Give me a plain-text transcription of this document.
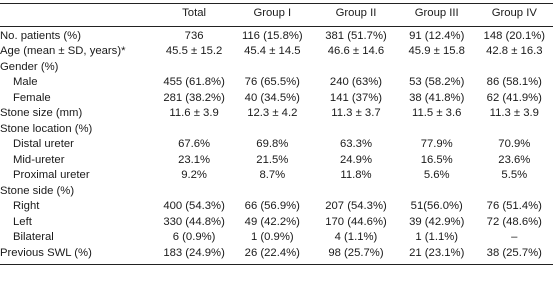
	Total	Group I	Group II	Group III	Group IV
No. patients (%)	736	116 (15.8%)	381 (51.7%)	91 (12.4%)	148 (20.1%)
Age (mean ± SD, years)*	45.5 ± 15.2	45.4 ± 14.5	46.6 ± 14.6	45.9 ± 15.8	42.8 ± 16.3
Gender (%)					
Male	455 (61.8%)	76 (65.5%)	240 (63%)	53 (58.2%)	86 (58.1%)
Female	281 (38.2%)	40 (34.5%)	141 (37%)	38 (41.8%)	62 (41.9%)
Stone size (mm)	11.6 ± 3.9	12.3 ± 4.2	11.3 ± 3.7	11.5 ± 3.6	11.3 ± 3.9
Stone location (%)					
Distal ureter	67.6%	69.8%	63.3%	77.9%	70.9%
Mid-ureter	23.1%	21.5%	24.9%	16.5%	23.6%
Proximal ureter	9.2%	8.7%	11.8%	5.6%	5.5%
Stone side (%)					
Right	400 (54.3%)	66 (56.9%)	207 (54.3%)	51(56.0%)	76 (51.4%)
Left	330 (44.8%)	49 (42.2%)	170 (44.6%)	39 (42.9%)	72 (48.6%)
Bilateral	6 (0.9%)	1 (0.9%)	4 (1.1%)	1 (1.1%)	–
Previous SWL (%)	183 (24.9%)	26 (22.4%)	98 (25.7%)	21 (23.1%)	38 (25.7%)
